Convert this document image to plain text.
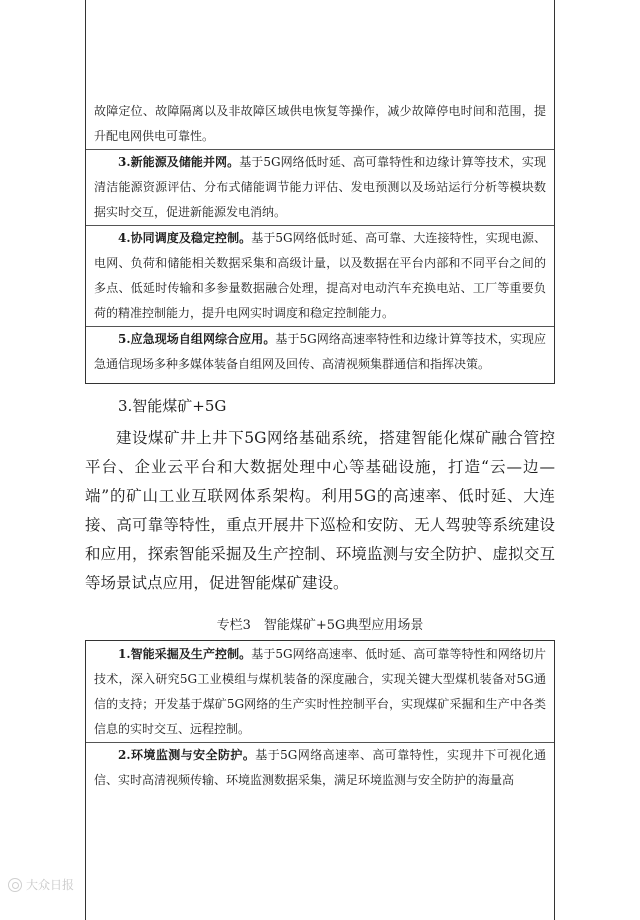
故障定位、故障隔离以及非故障区域供电恢复等操作，减少故障停电时间和范围，提升配电网供电可靠性。

3.新能源及储能并网。基于5G网络低时延、高可靠特性和边缘计算等技术，实现清洁能源资源评估、分布式储能调节能力评估、发电预测以及场站运行分析等模块数据实时交互，促进新能源发电消纳。

4.协同调度及稳定控制。基于5G网络低时延、高可靠、大连接特性，实现电源、电网、负荷和储能相关数据采集和高级计量，以及数据在平台内部和不同平台之间的多点、低延时传输和多参量数据融合处理，提高对电动汽车充换电站、工厂等重要负荷的精准控制能力，提升电网实时调度和稳定控制能力。

5.应急现场自组网综合应用。基于5G网络高速率特性和边缘计算等技术，实现应急通信现场多种多媒体装备自组网及回传、高清视频集群通信和指挥决策。

3.智能煤矿+5G

建设煤矿井上井下5G网络基础系统，搭建智能化煤矿融合管控平台、企业云平台和大数据处理中心等基础设施，打造“云—边—端”的矿山工业互联网体系架构。利用5G的高速率、低时延、大连接、高可靠等特性，重点开展井下巡检和安防、无人驾驶等系统建设和应用，探索智能采掘及生产控制、环境监测与安全防护、虚拟交互等场景试点应用，促进智能煤矿建设。

专栏3　智能煤矿+5G典型应用场景

1.智能采掘及生产控制。基于5G网络高速率、低时延、高可靠等特性和网络切片技术，深入研究5G工业模组与煤机装备的深度融合，实现关键大型煤机装备对5G通信的支持；开发基于煤矿5G网络的生产实时性控制平台，实现煤矿采掘和生产中各类信息的实时交互、远程控制。

2.环境监测与安全防护。基于5G网络高速率、高可靠特性，实现井下可视化通信、实时高清视频传输、环境监测数据采集，满足环境监测与安全防护的海量高

大众日报
